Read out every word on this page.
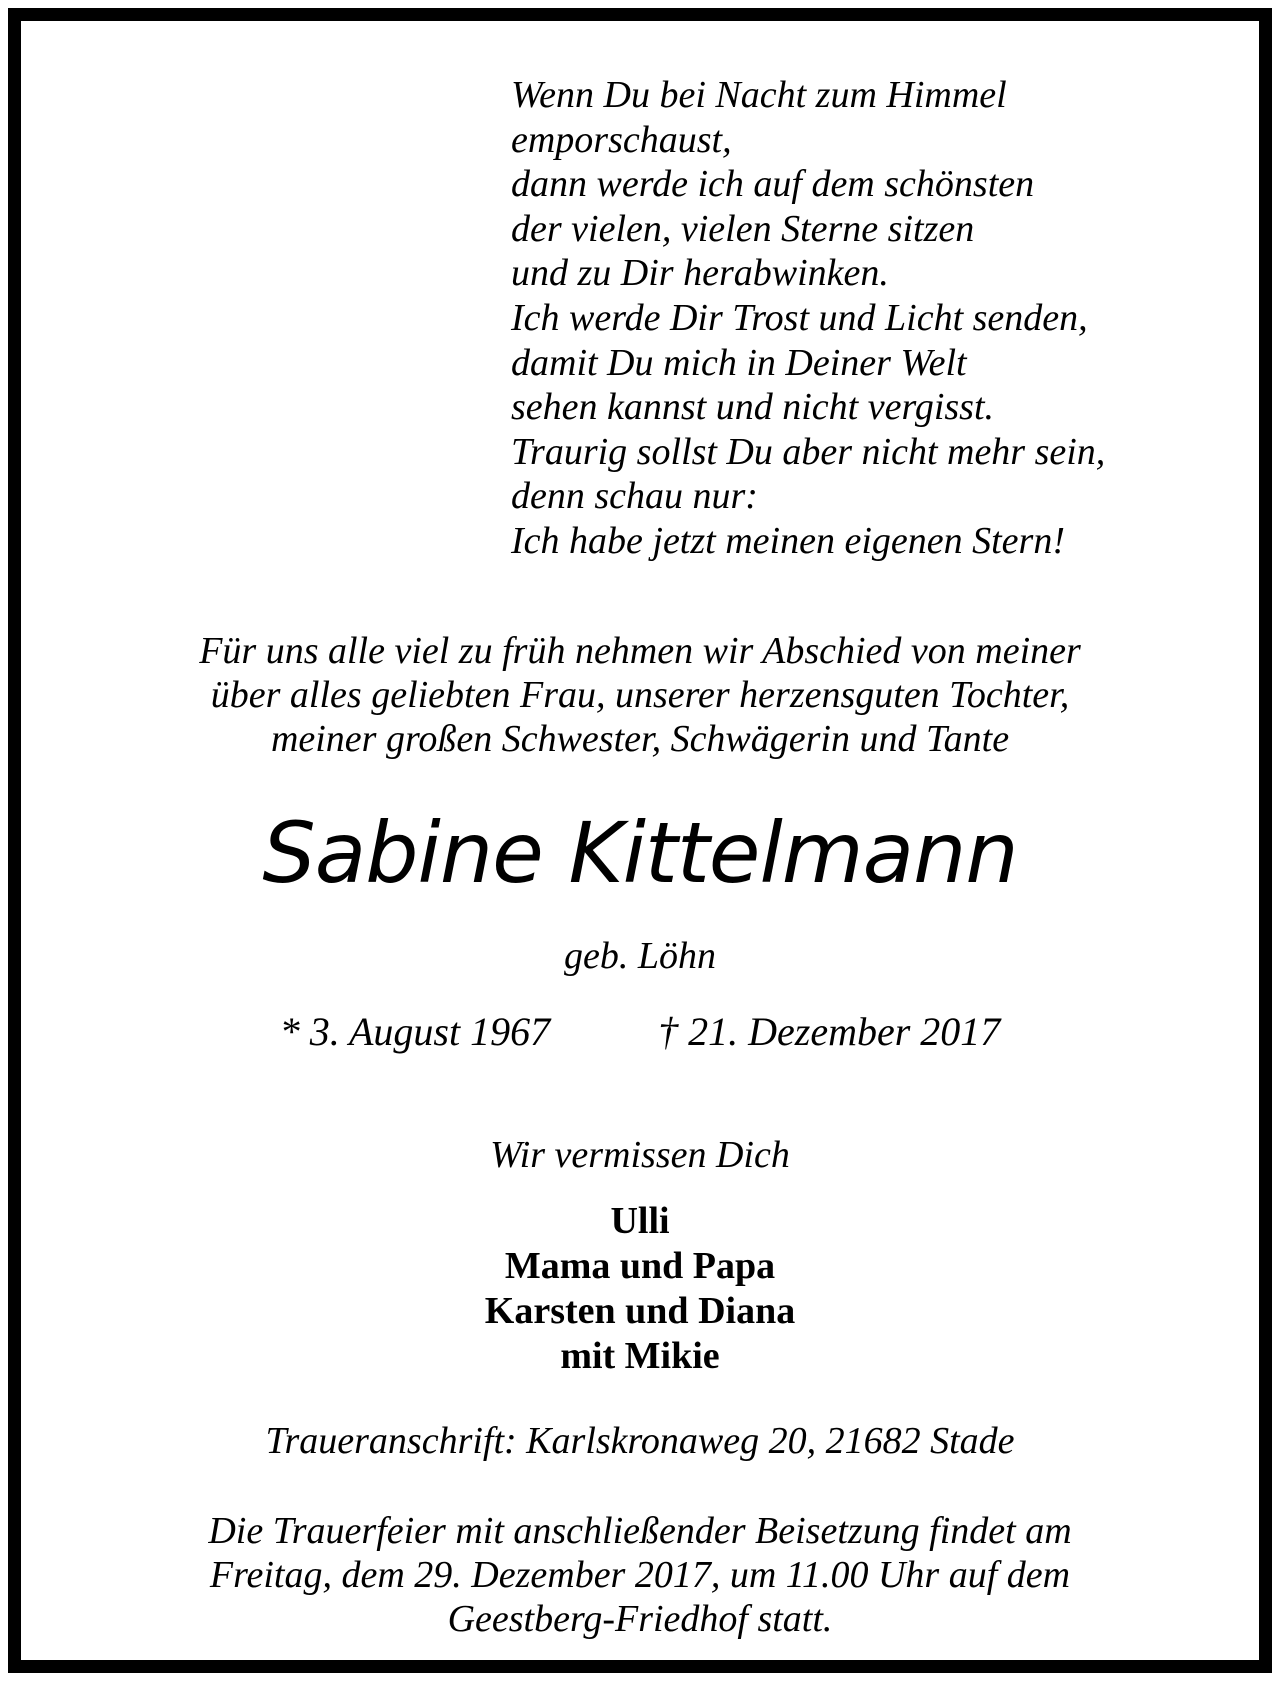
Wenn Du bei Nacht zum Himmel
emporschaust,
dann werde ich auf dem schönsten
der vielen, vielen Sterne sitzen
und zu Dir herabwinken.
Ich werde Dir Trost und Licht senden,
damit Du mich in Deiner Welt
sehen kannst und nicht vergisst.
Traurig sollst Du aber nicht mehr sein,
denn schau nur:
Ich habe jetzt meinen eigenen Stern!
Für uns alle viel zu früh nehmen wir Abschied von meiner
über alles geliebten Frau, unserer herzensguten Tochter,
meiner großen Schwester, Schwägerin und Tante
Sabine Kittelmann
geb. Löhn
* 3. August 1967	† 21. Dezember 2017
Wir vermissen Dich
Ulli
Mama und Papa
Karsten und Diana
mit Mikie
Traueranschrift: Karlskronaweg 20, 21682 Stade
Die Trauerfeier mit anschließender Beisetzung findet am
Freitag, dem 29. Dezember 2017, um 11.00 Uhr auf dem
Geestberg-Friedhof statt.
